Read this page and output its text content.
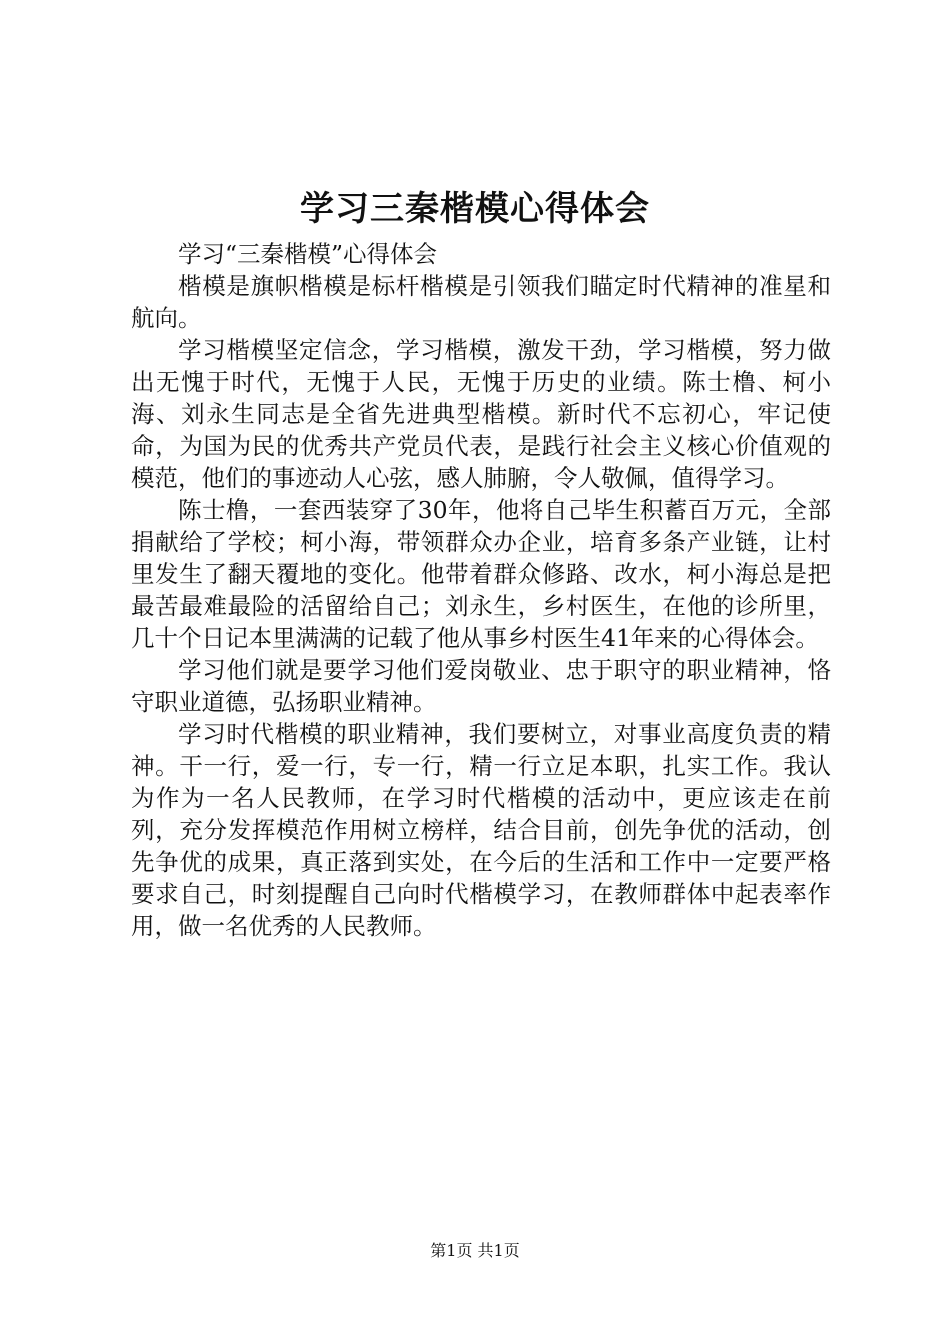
学习三秦楷模心得体会

学习“三秦楷模”心得体会

楷模是旗帜楷模是标杆楷模是引领我们瞄定时代精神的准星和航向。

学习楷模坚定信念，学习楷模，激发干劲，学习楷模，努力做出无愧于时代，无愧于人民，无愧于历史的业绩。陈士橹、柯小海、刘永生同志是全省先进典型楷模。新时代不忘初心，牢记使命，为国为民的优秀共产党员代表，是践行社会主义核心价值观的模范，他们的事迹动人心弦，感人肺腑，令人敬佩，值得学习。

陈士橹，一套西装穿了30年，他将自己毕生积蓄百万元，全部捐献给了学校；柯小海，带领群众办企业，培育多条产业链，让村里发生了翻天覆地的变化。他带着群众修路、改水，柯小海总是把最苦最难最险的活留给自己；刘永生，乡村医生，在他的诊所里，几十个日记本里满满的记载了他从事乡村医生41年来的心得体会。

学习他们就是要学习他们爱岗敬业、忠于职守的职业精神，恪守职业道德，弘扬职业精神。

学习时代楷模的职业精神，我们要树立，对事业高度负责的精神。干一行，爱一行，专一行，精一行立足本职，扎实工作。我认为作为一名人民教师，在学习时代楷模的活动中，更应该走在前列，充分发挥模范作用树立榜样，结合目前，创先争优的活动，创先争优的成果，真正落到实处，在今后的生活和工作中一定要严格要求自己，时刻提醒自己向时代楷模学习，在教师群体中起表率作用，做一名优秀的人民教师。

第1页 共1页
